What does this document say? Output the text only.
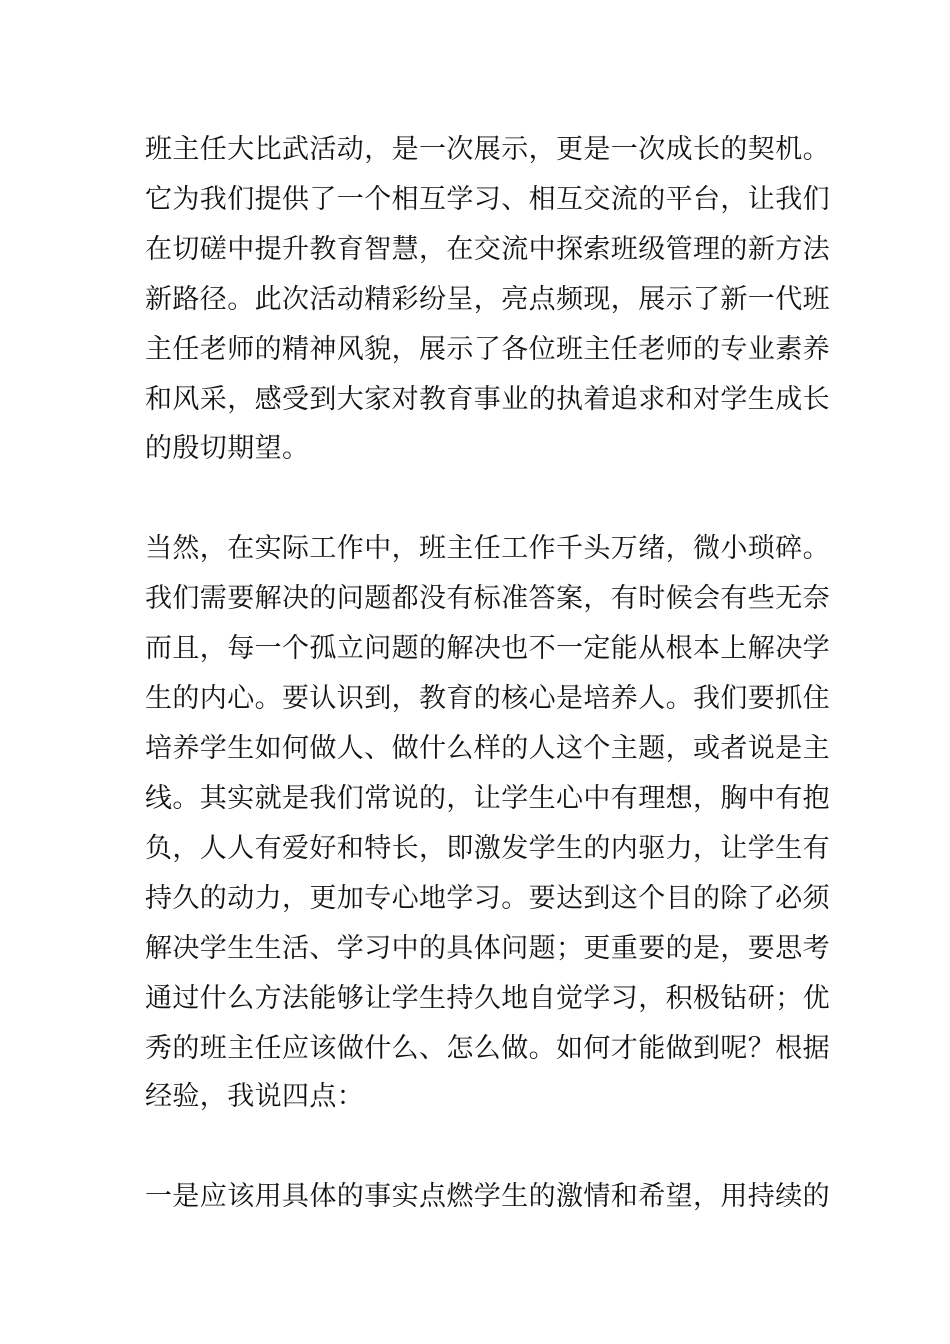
班主任大比武活动，是一次展示，更是一次成长的契机。

它为我们提供了一个相互学习、相互交流的平台，让我们

在切磋中提升教育智慧，在交流中探索班级管理的新方法

新路径。此次活动精彩纷呈，亮点频现，展示了新一代班

主任老师的精神风貌，展示了各位班主任老师的专业素养

和风采，感受到大家对教育事业的执着追求和对学生成长

的殷切期望。

当然，在实际工作中，班主任工作千头万绪，微小琐碎。

我们需要解决的问题都没有标准答案，有时候会有些无奈

而且，每一个孤立问题的解决也不一定能从根本上解决学

生的内心。要认识到，教育的核心是培养人。我们要抓住

培养学生如何做人、做什么样的人这个主题，或者说是主

线。其实就是我们常说的，让学生心中有理想，胸中有抱

负，人人有爱好和特长，即激发学生的内驱力，让学生有

持久的动力，更加专心地学习。要达到这个目的除了必须

解决学生生活、学习中的具体问题；更重要的是，要思考

通过什么方法能够让学生持久地自觉学习，积极钻研；优

秀的班主任应该做什么、怎么做。如何才能做到呢？根据

经验，我说四点：

一是应该用具体的事实点燃学生的激情和希望，用持续的
